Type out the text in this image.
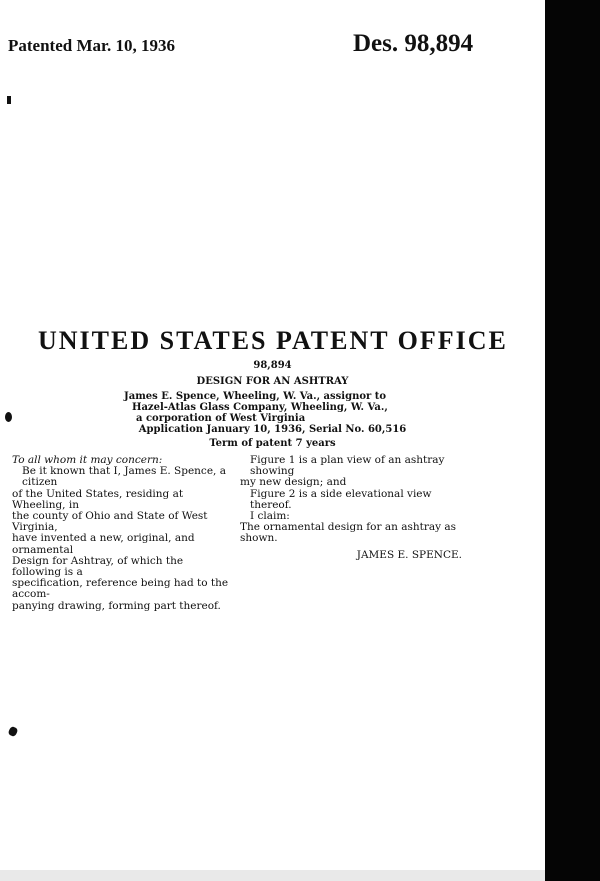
Patented Mar. 10, 1936	Des. 98,894
UNITED STATES PATENT OFFICE
98,894
DESIGN FOR AN ASHTRAY
James E. Spence, Wheeling, W. Va., assignor to
Hazel-Atlas Glass Company, Wheeling, W. Va.,
a corporation of West Virginia
Application January 10, 1936, Serial No. 60,516
Term of patent 7 years
To all whom it may concern:
Be it known that I, James E. Spence, a citizen
of the United States, residing at Wheeling, in
the county of Ohio and State of West Virginia,
have invented a new, original, and ornamental
Design for Ashtray, of which the following is a
specification, reference being had to the accom-
panying drawing, forming part thereof.
Figure 1 is a plan view of an ashtray showing
my new design; and
Figure 2 is a side elevational view thereof.
I claim:
The ornamental design for an ashtray as shown.
JAMES E. SPENCE.
